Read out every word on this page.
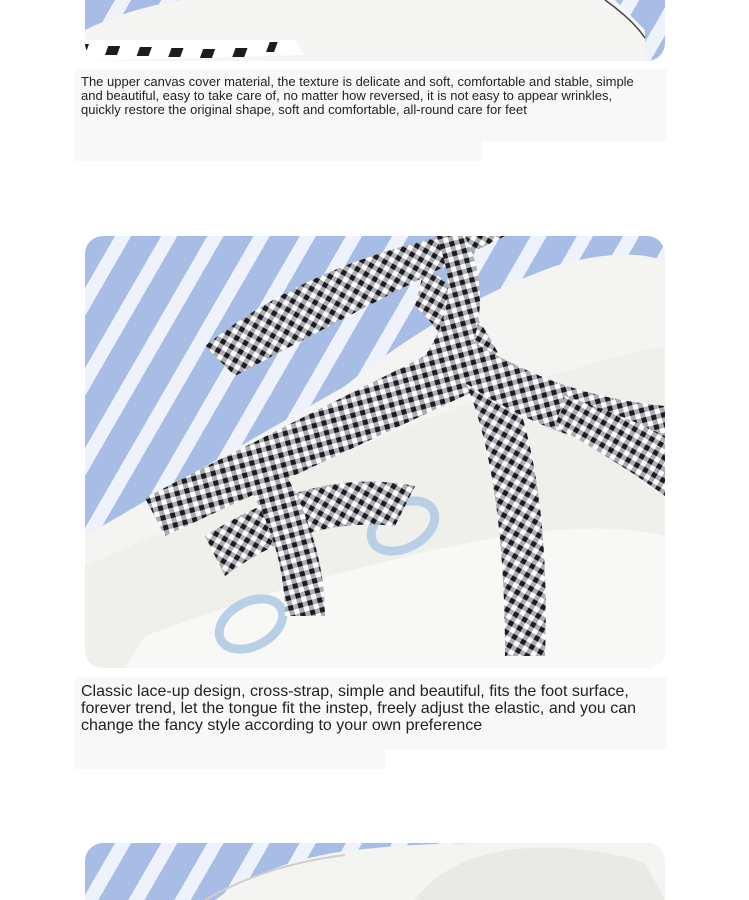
The upper canvas cover material, the texture is delicate and soft, comfortable and stable, simple and beautiful, easy to take care of, no matter how reversed, it is not easy to appear wrinkles, quickly restore the original shape, soft and comfortable, all-round care for feet

Classic lace-up design, cross-strap, simple and beautiful, fits the foot surface, forever trend, let the tongue fit the instep, freely adjust the elastic, and you can change the fancy style according to your own preference
